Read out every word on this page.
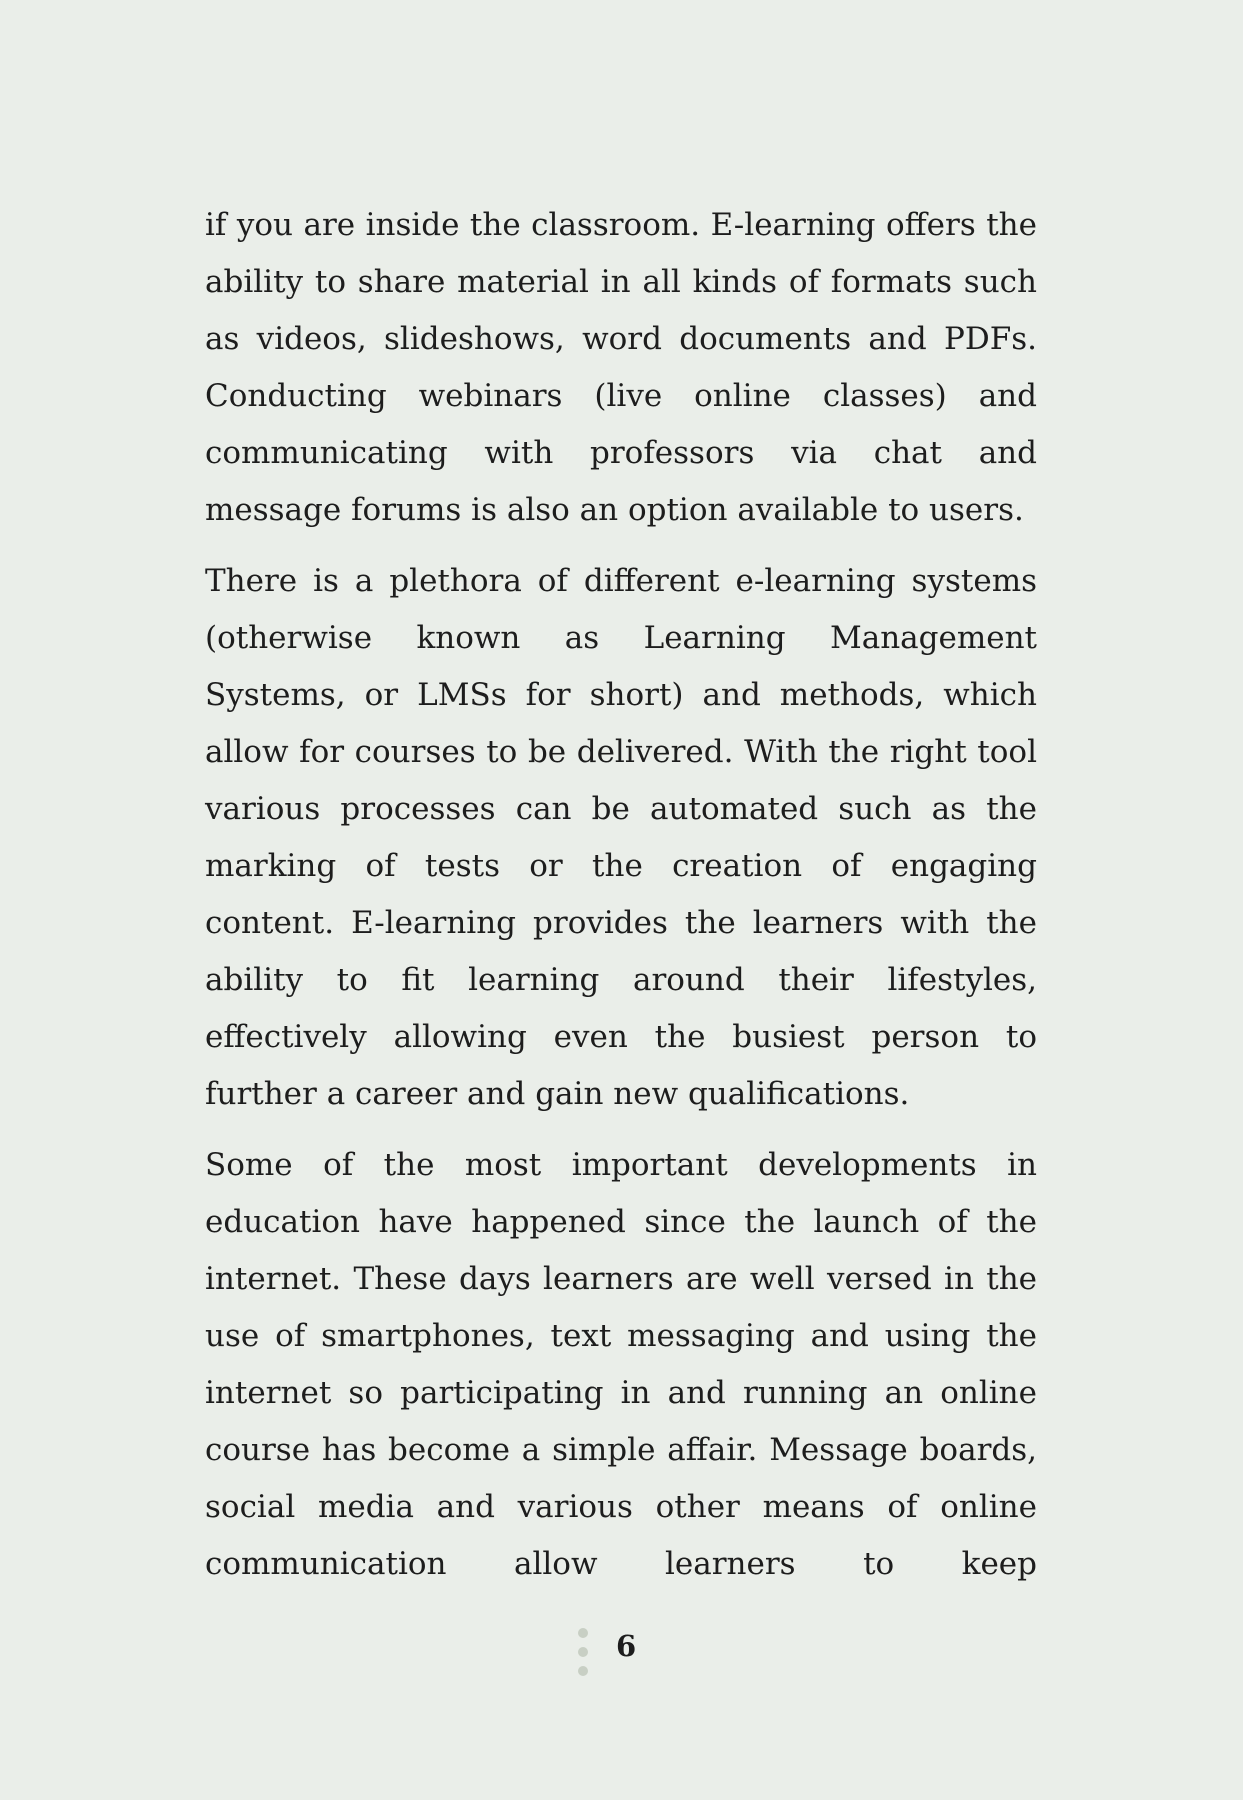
if you are inside the classroom. E-learning offers the ability to share material in all kinds of formats such as videos, slideshows, word documents and PDFs. Conducting webinars (live online classes) and communicating with professors via chat and message forums is also an option available to users.

There is a plethora of different e-learning systems (otherwise known as Learning Management Systems, or LMSs for short) and methods, which allow for courses to be delivered. With the right tool various processes can be automated such as the marking of tests or the creation of engaging content. E-learning provides the learners with the ability to fit learning around their lifestyles, effectively allowing even the busiest person to further a career and gain new qualifications.

Some of the most important developments in education have happened since the launch of the internet. These days learners are well versed in the use of smartphones, text messaging and using the internet so participating in and running an online course has become a simple affair. Message boards, social media and various other means of online communication allow learners to keep

6
